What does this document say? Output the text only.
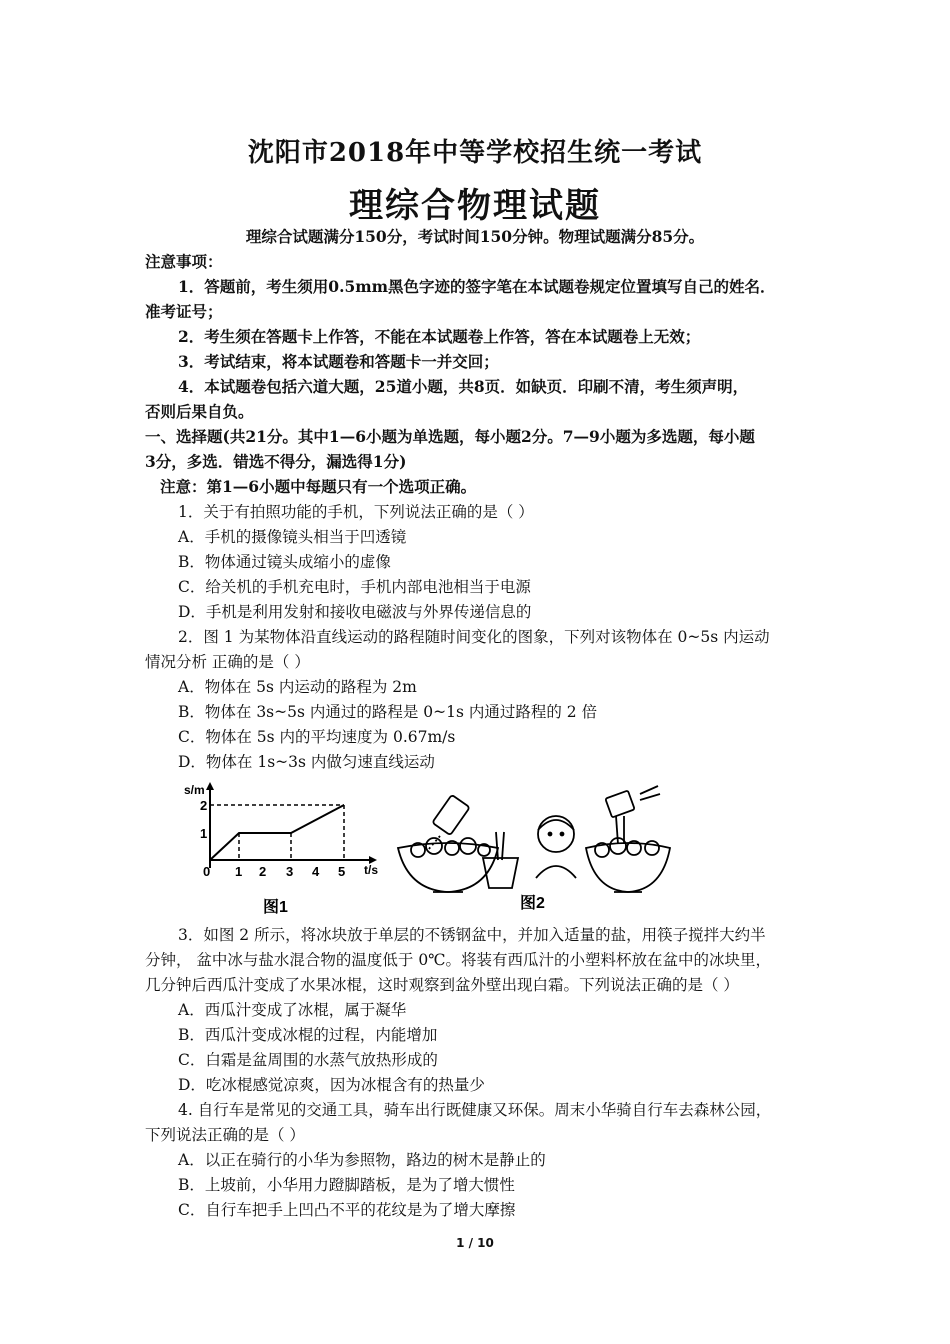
沈阳市2018年中等学校招生统一考试
理综合物理试题
理综合试题满分150分，考试时间150分钟。物理试题满分85分。
注意事项：
1．答题前，考生须用0.5mm黑色字迹的签字笔在本试题卷规定位置填写自己的姓名．
准考证号；
2．考生须在答题卡上作答，不能在本试题卷上作答，答在本试题卷上无效；
3．考试结束，将本试题卷和答题卡一并交回；
4．本试题卷包括六道大题，25道小题，共8页．如缺页．印刷不清，考生须声明，
否则后果自负。
一、选择题(共21分。其中1—6小题为单选题，每小题2分。7—9小题为多选题，每小题
3分，多选．错选不得分，漏选得1分)
注意：第1—6小题中每题只有一个选项正确。
1．关于有拍照功能的手机，下列说法正确的是（ ）
A．手机的摄像镜头相当于凹透镜
B．物体通过镜头成缩小的虚像
C．给关机的手机充电时，手机内部电池相当于电源
D．手机是利用发射和接收电磁波与外界传递信息的
2．图 1 为某物体沿直线运动的路程随时间变化的图象，下列对该物体在 0~5s 内运动
情况分析 正确的是（ ）
A．物体在 5s 内运动的路程为 2m
B．物体在 3s~5s 内通过的路程是 0~1s 内通过路程的 2 倍
C．物体在 5s 内的平均速度为 0.67m/s
D．物体在 1s~3s 内做匀速直线运动
s/m
t/s
1
2
0 1 2 3 4 5
图1	图2
3．如图 2 所示，将冰块放于单层的不锈钢盆中，并加入适量的盐，用筷子搅拌大约半
分钟， 盆中冰与盐水混合物的温度低于 0℃。将装有西瓜汁的小塑料杯放在盆中的冰块里，
几分钟后西瓜汁变成了水果冰棍，这时观察到盆外壁出现白霜。下列说法正确的是（ ）
A．西瓜汁变成了冰棍，属于凝华
B．西瓜汁变成冰棍的过程，内能增加
C．白霜是盆周围的水蒸气放热形成的
D．吃冰棍感觉凉爽，因为冰棍含有的热量少
4. 自行车是常见的交通工具，骑车出行既健康又环保。周末小华骑自行车去森林公园，
下列说法正确的是（ ）
A．以正在骑行的小华为参照物，路边的树木是静止的
B．上坡前，小华用力蹬脚踏板，是为了增大惯性
C．自行车把手上凹凸不平的花纹是为了增大摩擦
1 / 10
